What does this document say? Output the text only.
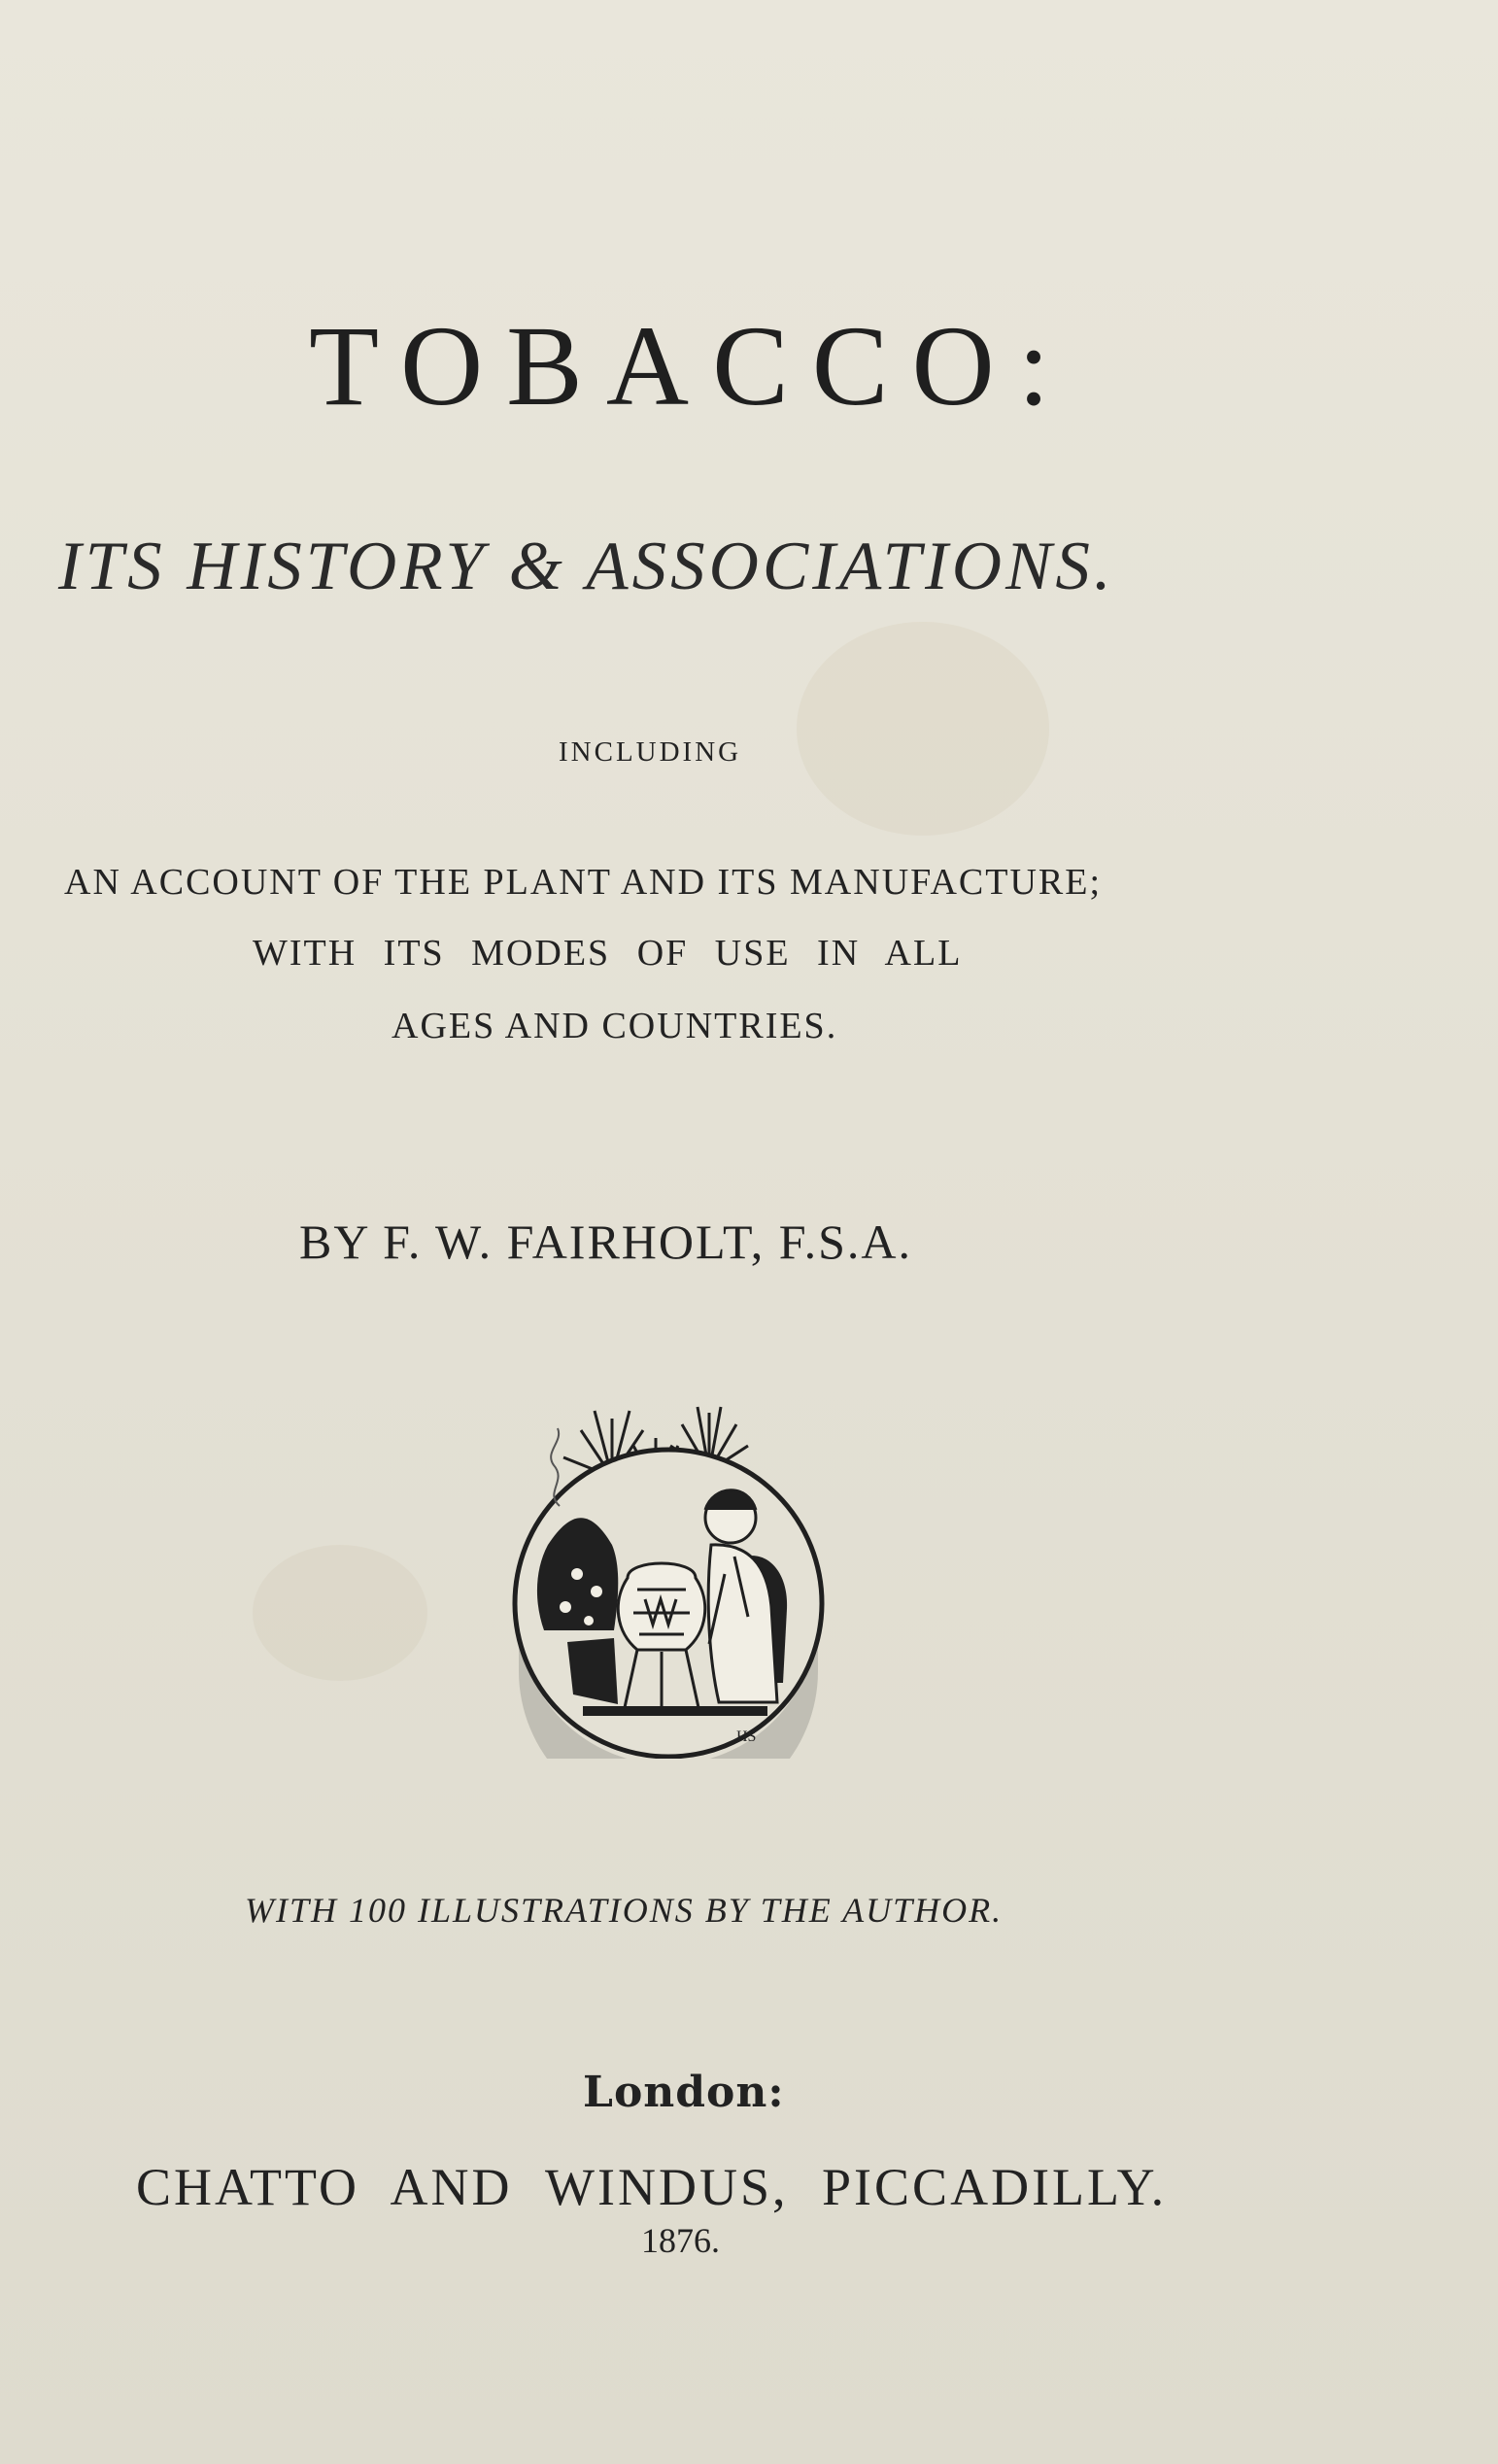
TOBACCO:
ITS HISTORY & ASSOCIATIONS.
INCLUDING
AN ACCOUNT OF THE PLANT AND ITS MANUFACTURE;
WITH ITS MODES OF USE IN ALL
AGES AND COUNTRIES.
BY F. W. FAIRHOLT, F.S.A.
HS
WITH 100 ILLUSTRATIONS BY THE AUTHOR.
London:
CHATTO AND WINDUS, PICCADILLY.
1876.
